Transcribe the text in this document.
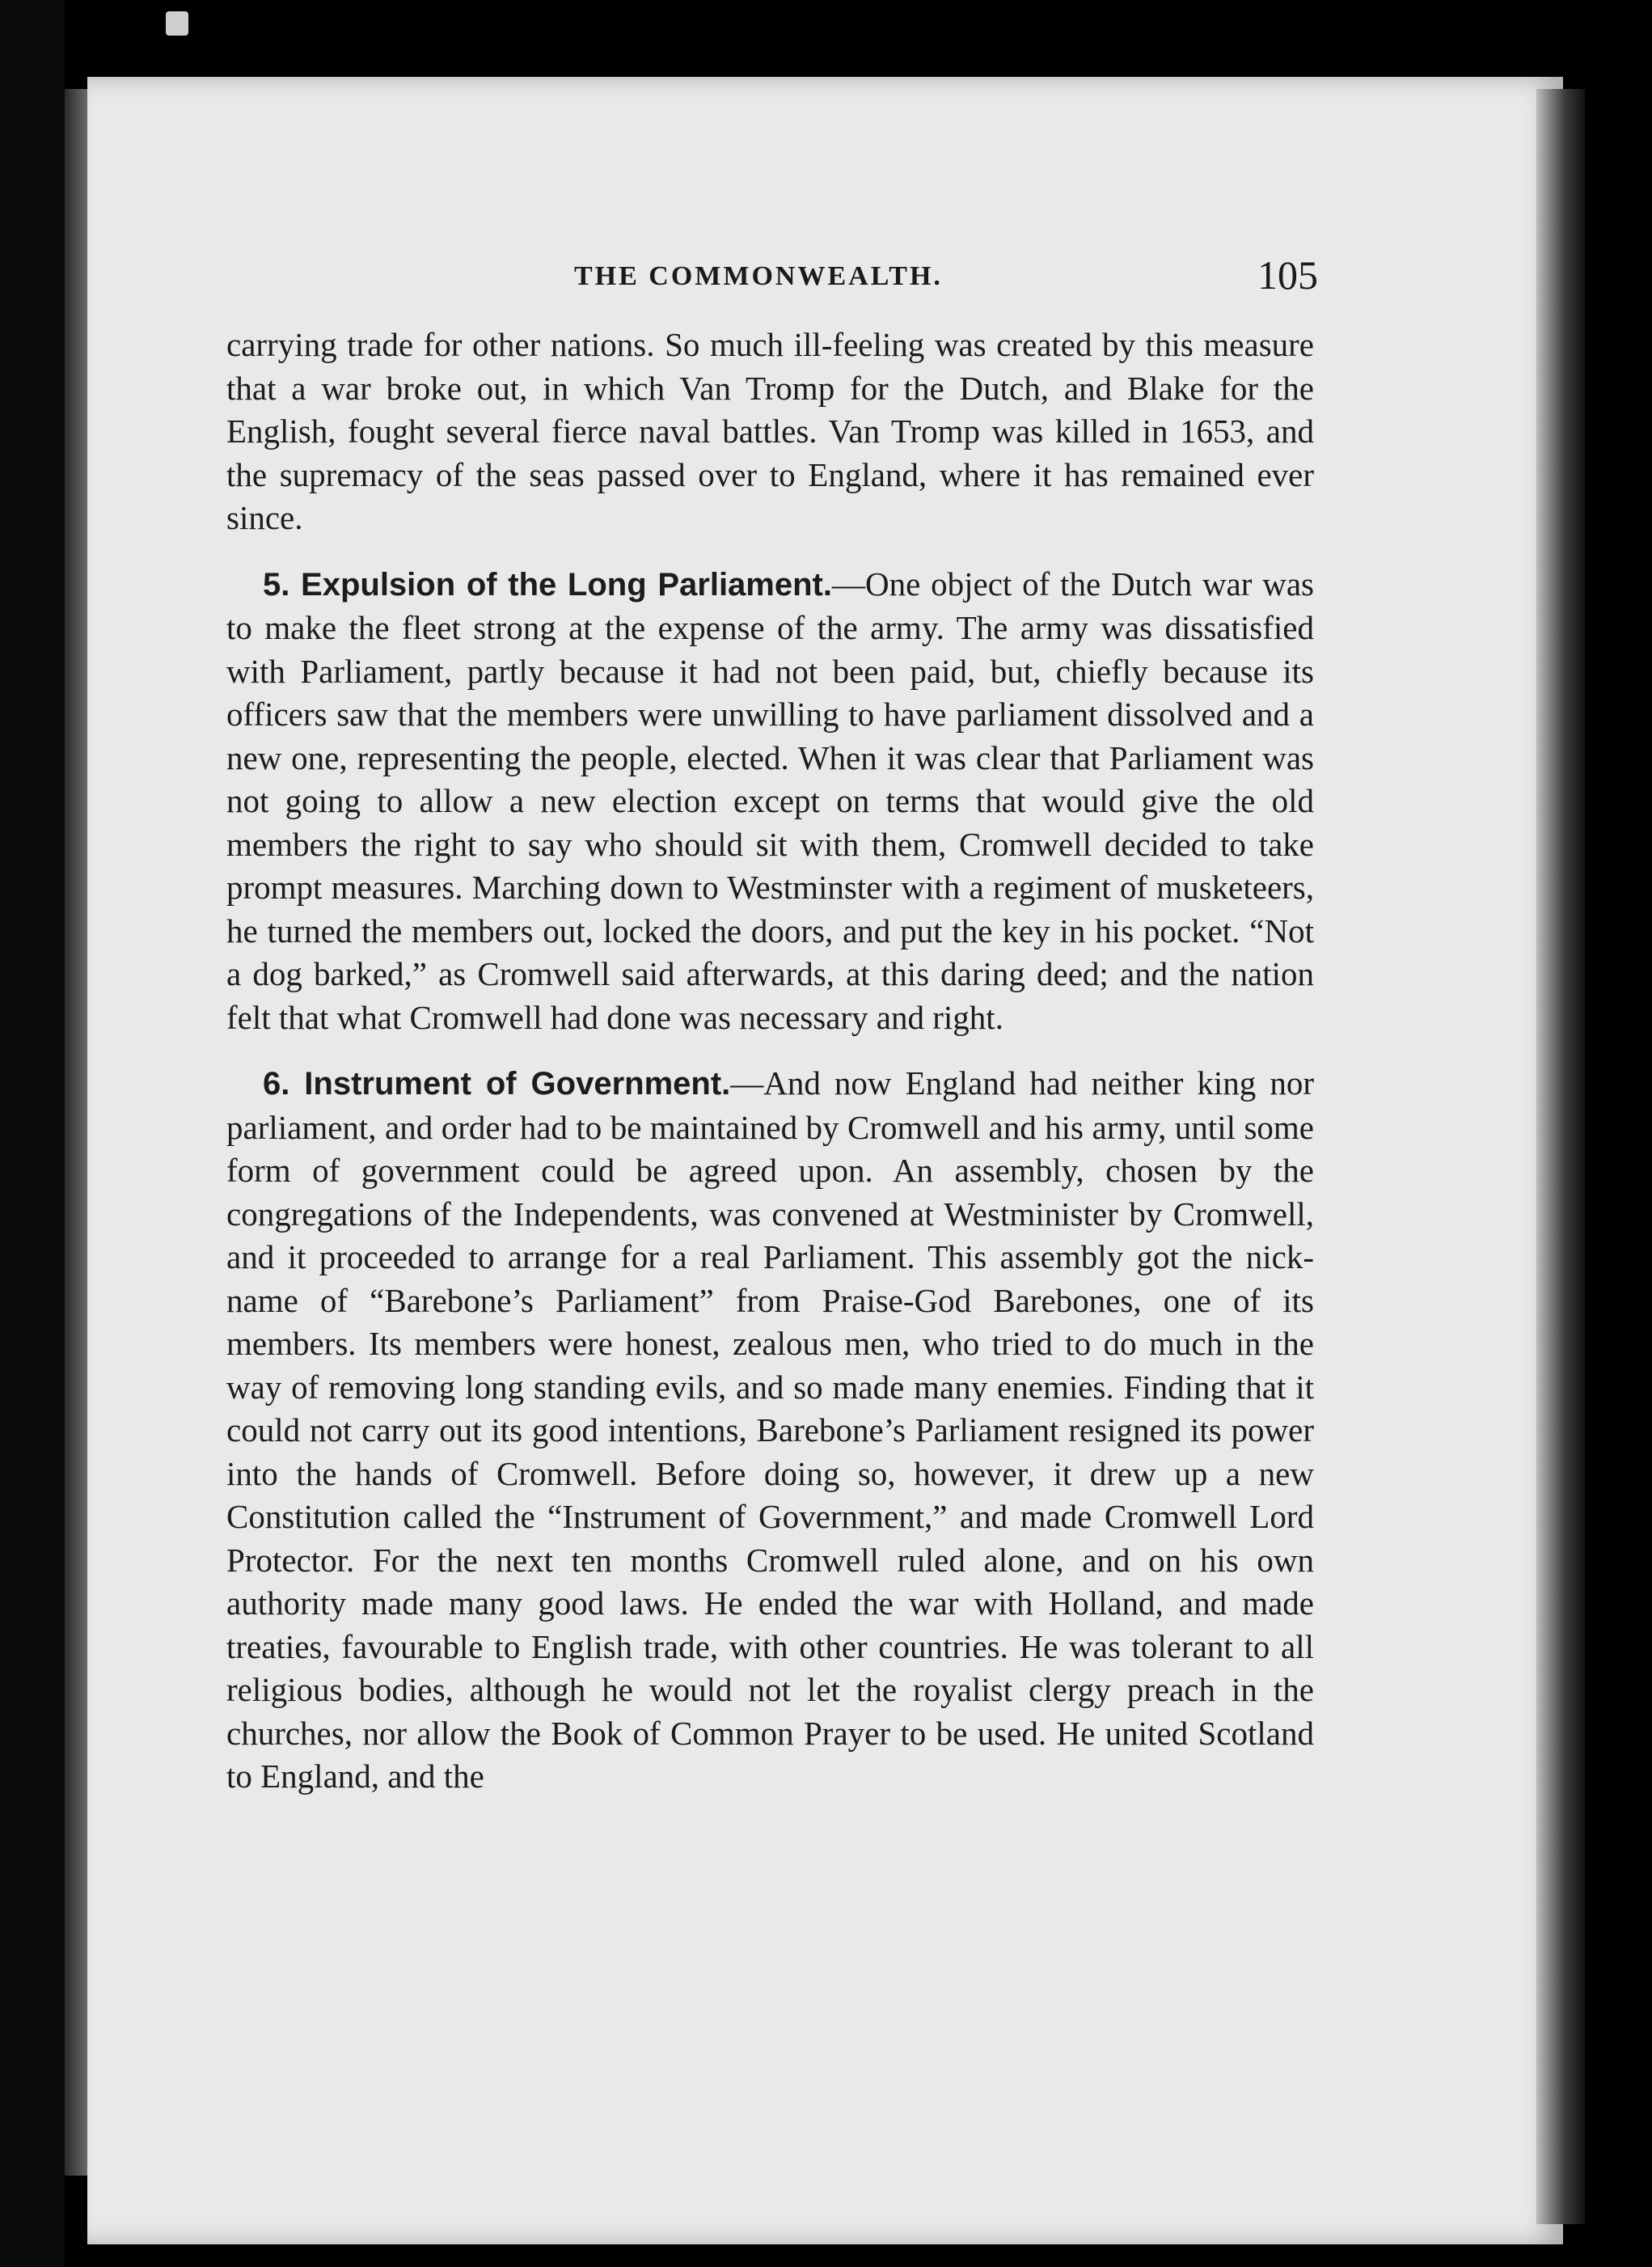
THE COMMONWEALTH.	105

carrying trade for other nations. So much ill-feeling was created by this measure that a war broke out, in which Van Tromp for the Dutch, and Blake for the English, fought several fierce naval battles. Van Tromp was killed in 1653, and the supremacy of the seas passed over to England, where it has remained ever since.

5. Expulsion of the Long Parliament.—One object of the Dutch war was to make the fleet strong at the expense of the army. The army was dissatisfied with Parliament, partly because it had not been paid, but, chiefly because its officers saw that the members were unwilling to have parliament dissolved and a new one, representing the people, elected. When it was clear that Parliament was not going to allow a new election except on terms that would give the old members the right to say who should sit with them, Cromwell decided to take prompt measures. Marching down to Westminster with a regiment of musketeers, he turned the members out, locked the doors, and put the key in his pocket. “Not a dog barked,” as Cromwell said afterwards, at this daring deed; and the nation felt that what Cromwell had done was necessary and right.

6. Instrument of Government.—And now England had neither king nor parliament, and order had to be maintained by Cromwell and his army, until some form of government could be agreed upon. An assembly, chosen by the congregations of the Independents, was convened at Westminister by Cromwell, and it proceeded to arrange for a real Parliament. This assembly got the nick-name of “Barebone’s Parliament” from Praise-God Barebones, one of its members. Its members were honest, zealous men, who tried to do much in the way of removing long standing evils, and so made many enemies. Finding that it could not carry out its good intentions, Barebone’s Parliament resigned its power into the hands of Cromwell. Before doing so, however, it drew up a new Constitution called the “Instrument of Government,” and made Cromwell Lord Protector. For the next ten months Cromwell ruled alone, and on his own authority made many good laws. He ended the war with Holland, and made treaties, favourable to English trade, with other countries. He was tolerant to all religious bodies, although he would not let the royalist clergy preach in the churches, nor allow the Book of Common Prayer to be used. He united Scotland to England, and the
